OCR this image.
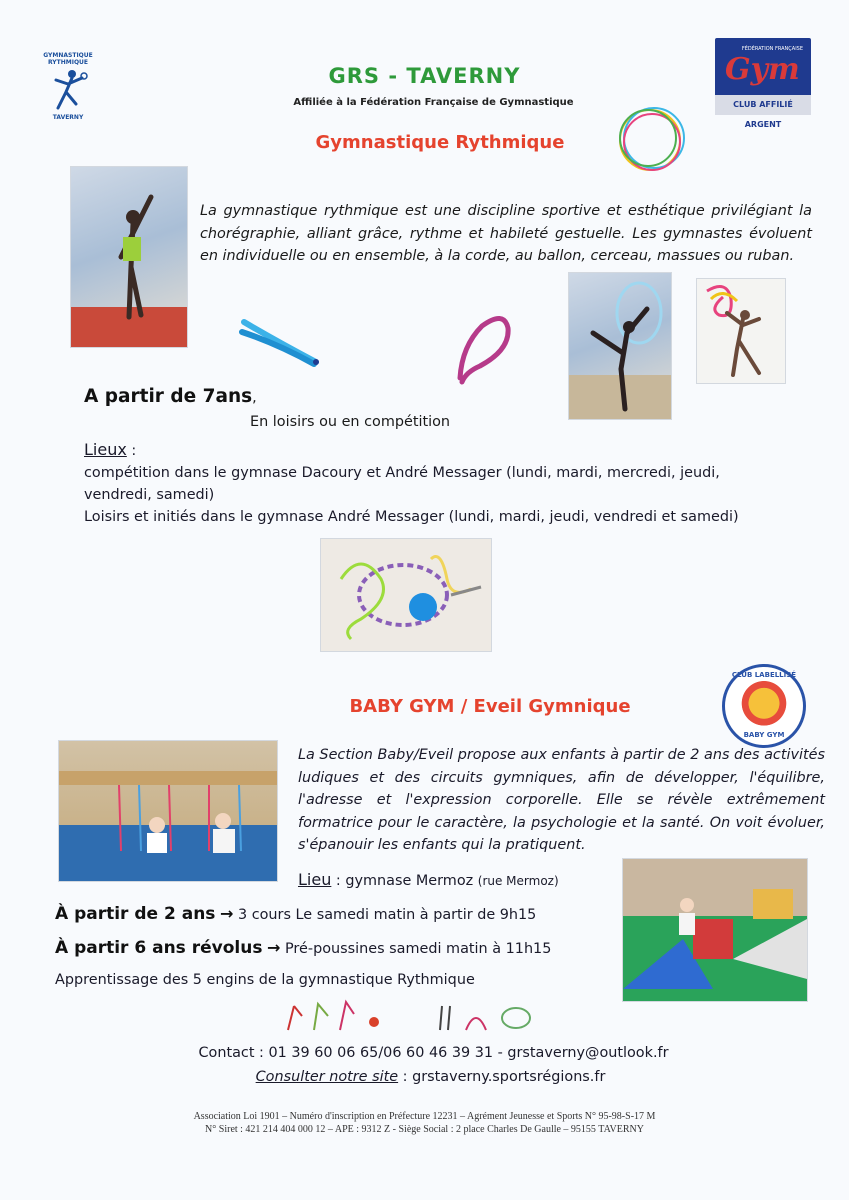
GYMNASTIQUE RYTHMIQUE
TAVERNY
GRS - TAVERNY
Affiliée à la Fédération Française de Gymnastique
FÉDÉRATION FRANÇAISE
Gym
CLUB AFFILIÉ ARGENT
Gymnastique Rythmique
La gymnastique rythmique est une discipline sportive et esthétique privilégiant la chorégraphie, alliant grâce, rythme et habileté gestuelle. Les gymnastes évoluent en individuelle ou en ensemble, à la corde, au ballon, cerceau, massues ou ruban.
A partir de 7ans,
En loisirs ou en compétition
Lieux :
compétition dans le gymnase Dacoury et André Messager (lundi, mardi, mercredi, jeudi, vendredi, samedi)
Loisirs et initiés dans le gymnase André Messager (lundi, mardi, jeudi, vendredi et samedi)
BABY GYM / Eveil Gymnique
CLUB LABELLISÉ
BABY GYM
La Section Baby/Eveil propose aux enfants à partir de 2 ans des activités ludiques et des circuits gymniques, afin de développer, l'équilibre, l'adresse et l'expression corporelle. Elle se révèle extrêmement formatrice pour le caractère, la psychologie et la santé. On voit évoluer, s'épanouir les enfants qui la pratiquent.
Lieu : gymnase Mermoz (rue Mermoz)
À partir de 2 ans → 3 cours Le samedi matin à partir de 9h15
À partir 6 ans révolus → Pré-poussines samedi matin à 11h15
Apprentissage des 5 engins de la gymnastique Rythmique
Contact : 01 39 60 06 65/06 60 46 39 31 - grstaverny@outlook.fr
Consulter notre site : grstaverny.sportsrégions.fr
Association Loi 1901 – Numéro d'inscription en Préfecture 12231 – Agrément Jeunesse et Sports N° 95-98-S-17 M
N° Siret : 421 214 404 000 12 – APE : 9312 Z - Siège Social : 2 place Charles De Gaulle – 95155 TAVERNY
